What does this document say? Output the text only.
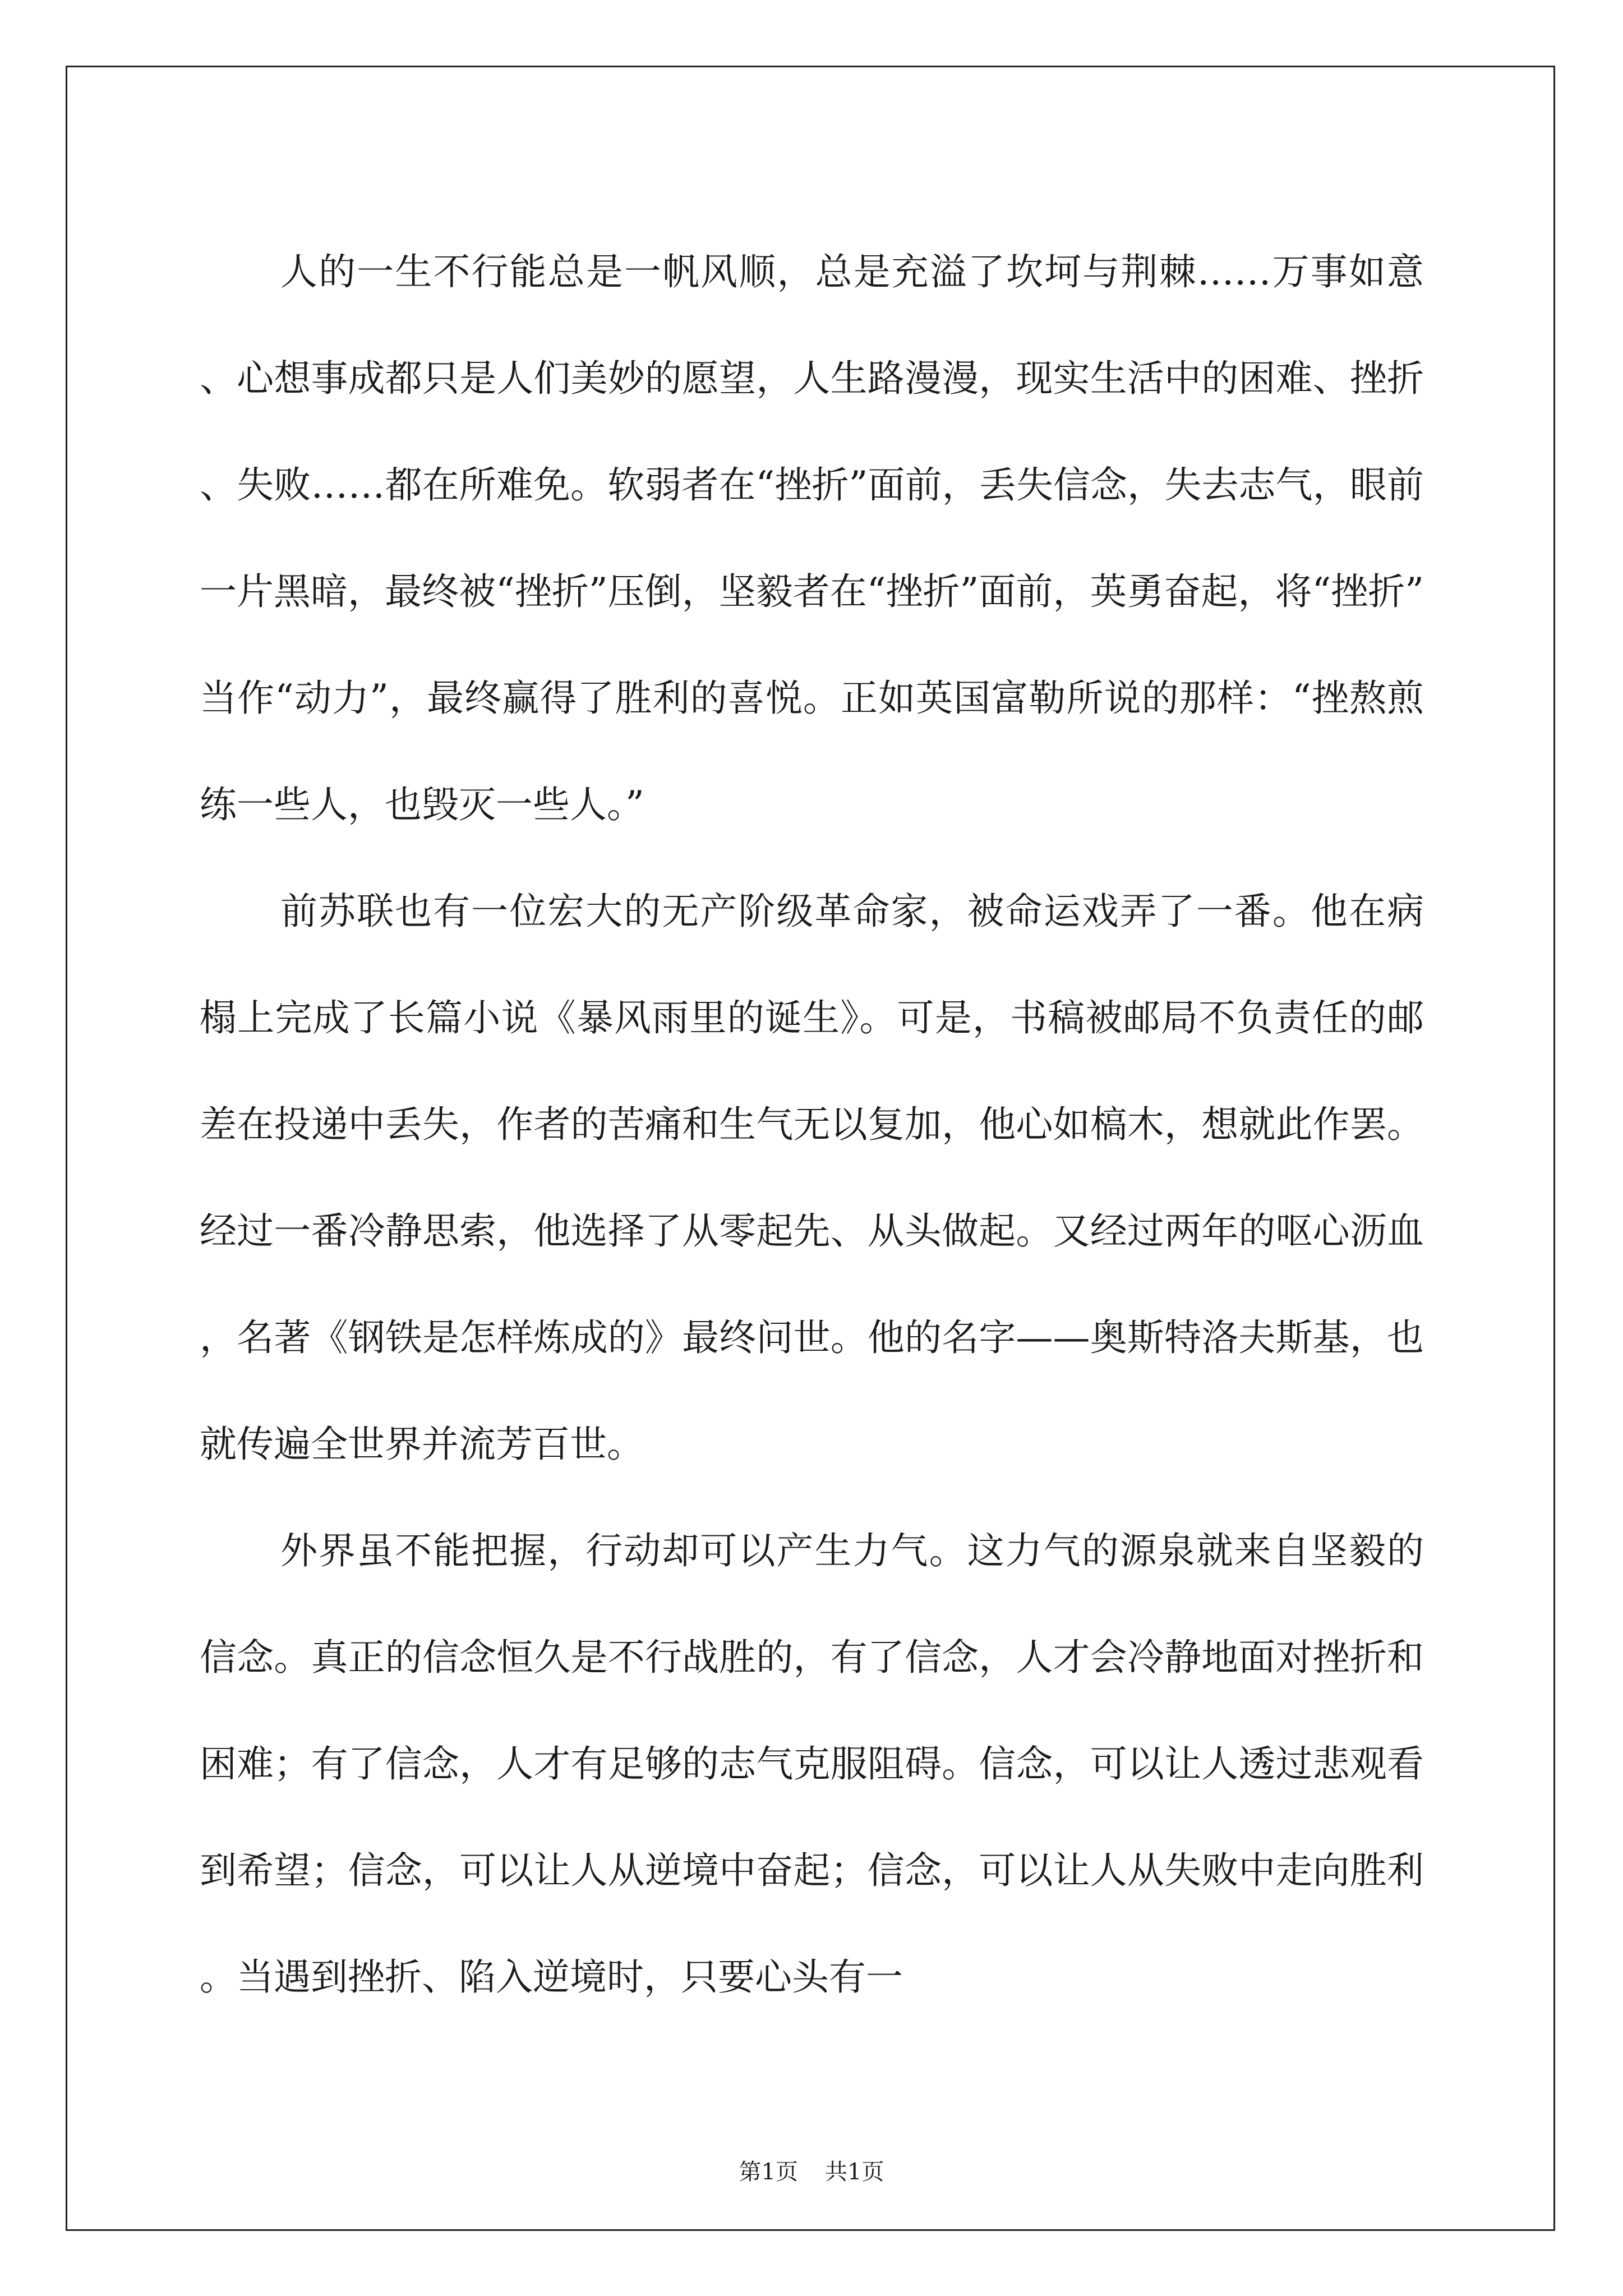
人的一生不行能总是一帆风顺，总是充溢了坎坷与荆棘……万事如意、心想事成都只是人们美妙的愿望，人生路漫漫，现实生活中的困难、挫折、失败……都在所难免。软弱者在“挫折”面前，丢失信念，失去志气，眼前一片黑暗，最终被“挫折”压倒，坚毅者在“挫折”面前，英勇奋起，将“挫折”当作“动力”，最终赢得了胜利的喜悦。正如英国富勒所说的那样：“挫熬煎练一些人，也毁灭一些人。”

前苏联也有一位宏大的无产阶级革命家，被命运戏弄了一番。他在病榻上完成了长篇小说《暴风雨里的诞生》。可是，书稿被邮局不负责任的邮差在投递中丢失，作者的苦痛和生气无以复加，他心如槁木，想就此作罢。经过一番冷静思索，他选择了从零起先、从头做起。又经过两年的呕心沥血，名著《钢铁是怎样炼成的》最终问世。他的名字——奥斯特洛夫斯基，也就传遍全世界并流芳百世。

外界虽不能把握，行动却可以产生力气。这力气的源泉就来自坚毅的信念。真正的信念恒久是不行战胜的，有了信念，人才会冷静地面对挫折和困难；有了信念，人才有足够的志气克服阻碍。信念，可以让人透过悲观看到希望；信念，可以让人从逆境中奋起；信念，可以让人从失败中走向胜利。当遇到挫折、陷入逆境时，只要心头有一

第1页 共1页
